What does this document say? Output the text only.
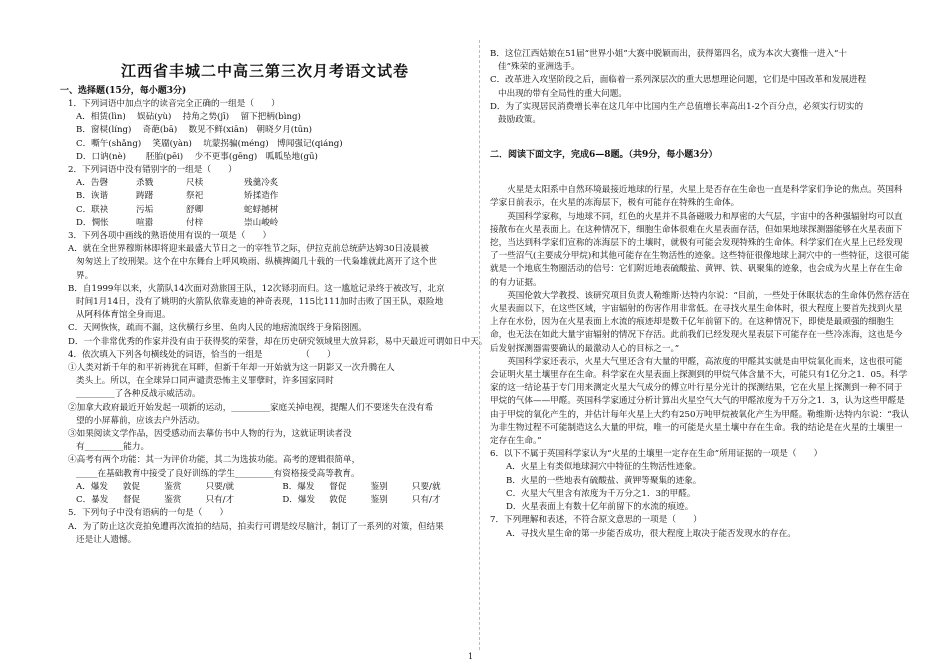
江西省丰城二中高三第三次月考语文试卷
一、选择题(15分，每小题3分)
1．下列词语中加点字的读音完全正确的一组是（　　）
A．相赁(lìn)　 娱砧(yù)　 持角之势(jī)　 留下把柄(bìng)
B．窗棂(líng)　 奇葩(bā)　 数见不鲜(xiān)　朝晓夕月(tūn)
C．嘶午(shǎng)　 笑靥(yàn)　 坑蒙拐骗(méng)　博闻强记(qiáng)
D．口讷(nè)　　 胚胎(pēi)　 少不更事(gēng)　呱呱坠地(gū)
2．下列词语中没有错别字的一组是（　　）
A．告磬	杀戮	尺椟	残羹冷炙
B．诙谐	踌躇	祭祀	矫揉造作
C．联袂	污垢	舒卿	蛇蜉撼树
D．惆怅	喧嚣	付梓	崇山峻岭
3．下列各项中画线的熟语使用有误的一项是（　　）
A．就在全世界穆斯林即将迎来最盛大节日之一的宰牲节之际，伊拉克前总统萨达姆30日凌晨被
匆匆送上了绞刑架。这个在中东舞台上呼风唤雨、纵横捭阖几十载的一代枭雄就此离开了这个世
界。
B．自1999年以来，火箭队14次面对劲旅国王队，12次铩羽而归。这一尴尬记录终于被改写，北京
时间1月14日，没有了姚明的火箭队依靠麦迪的神奇表现，115比111加时击败了国王队，艰险地
从阿科体育馆全身而退。
C．天网恢恢，疏而不漏，这伙横行乡里、鱼肉人民的地痞流氓终于身陷囹圄。
D．一个非常优秀的作家并没有由于获得奖的荣誉，却在历史研究领域里大放异彩，易中天最近可谓如日中天。
4．依次填入下列各句横线处的词语，恰当的一组是　　　　　（　　）
①人类对新千年的和平祈祷犹在耳畔，但新千年却一开始就为这一阴影又一次升腾在人
类头上。所以，在全球异口同声谴责恐怖主义罪孽时，许多国家同时
_________了各种反战示威活动。
②加拿大政府最近开始发起一项新的运动，_________家庭关掉电视，提醒人们不要迷失在没有希
望的小屏幕前，应该去户外活动。
③如果阅读文学作品，因受感动而去摹仿书中人物的行为，这就证明读者没
有_________能力。
④高考有两个功能：其一为评价功能，其二为选拔功能。高考的逻辑很简单，
_____在基础教育中接受了良好训练的学生_________有资格接受高等教育。
A．爆发	敦促	鉴赏	只要/就	B．爆发	督促	鉴别	只要/就
C．暴发	督促	鉴赏	只有/才	D．爆发	敦促	鉴别	只有/才
5．下列句子中没有语病的一句是（　　）
A．为了防止这次竞拍免遭再次流拍的结局，拍卖行可谓是绞尽脑汁，制订了一系列的对策，但结果
还是让人遗憾。
B．这位江西姑娘在51届“世界小姐”大赛中脱颖而出，获得第四名，成为本次大赛惟一进入“十
佳”殊荣的亚洲选手。
C．改革进入攻坚阶段之后，面临着一系列深层次的重大思想理论问题，它们是中国改革和发展进程
中出现的带有全局性的重大问题。
D．为了实现居民消费增长率在这几年中比国内生产总值增长率高出1-2个百分点，必须实行切实的
鼓励政策。
二．阅读下面文字，完成6—8题。（共9分，每小题3分）
火星是太阳系中自然环境最接近地球的行星，火星上是否存在生命也一直是科学家们争论的焦点。英国科学家日前表示，在火星的冻海层下，极有可能存在特殊的生命体。
英国科学家称，与地球不同，红色的火星并不具备磁吸力和厚密的大气层，宇宙中的各种强辐射均可以直接散布在火星表面上。在这种情况下，细胞生命体很难在火星表面存活，但如果地球探测器能够在火星表面下挖，当达到科学家们宣称的冻海层下的土壤时，就极有可能会发现特殊的生命体。科学家们在火星上已经发现了一些沼气(主要成分甲烷)和其他可能存在生物活性的迹象。这些特征很像地球上洞穴中的一些特征，这很可能就是一个地底生物圈活动的信号：它们附近地表硫酸盐、黄钾、铁、矾聚集的迹象，也会成为火星上存在生命的有力证据。
英国伦敦大学教授、该研究项目负责人勒维斯·达特内尔说：“目前，一些处于休眠状态的生命体仍然存活在火星表面以下，在这些区域，宇宙辐射的伤害作用非常低。在寻找火星生命体时，很大程度上要首先找到火星上存在水份，因为在火星表面上水流的痕迹却是数千亿年前留下的。在这种情况下，即使是最顽强的细胞生命，也无法在如此大量宇宙辐射的情况下存活。此前我们已经发现火星表层下可能存在一些冷冻海，这也是今后发射探测器需要确认的最激动人心的目标之一。”
英国科学家还表示，火星大气里还含有大量的甲醛，高浓度的甲醛其实就是由甲烷氧化而来，这也很可能会证明火星土壤里存在生命。科学家在火星表面上探测到的甲烷气体含量不大，可能只有1亿分之1．05。科学家的这一结论基于专门用来测定火星大气成分的傅立叶行星分光计的探测结果，它在火星上探测到一种不同于甲烷的气体——甲醛。英国科学家通过分析计算出火星空气大气的甲醛浓度为千万分之1．3，认为这些甲醛是由于甲烷的氧化产生的，并估计每年火星上大约有250万吨甲烷被氧化产生为甲醛。勒维斯·达特内尔说：“我认为非生物过程不可能制造这么大量的甲烷，唯一的可能是火星土壤中存在生命。我的结论是在火星的土壤里一定存在生命。”
6．以下不属于英国科学家认为“火星的土壤里一定存在生命”所用证据的一项是（　　）
A．火星上有类似地球洞穴中特征的生物活性迹象。
B．火星的一些地表有硫酸盐、黄钾等聚集的迹象。
C．火星大气里含有浓度为千万分之1．3的甲醛。
D．火星表面上有数十亿年前留下的水流的痕迹。
7．下列理解和表述，不符合原文意思的一项是（　　）
A．寻找火星生命的第一步能否成功，很大程度上取决于能否发现水的存在。
1
